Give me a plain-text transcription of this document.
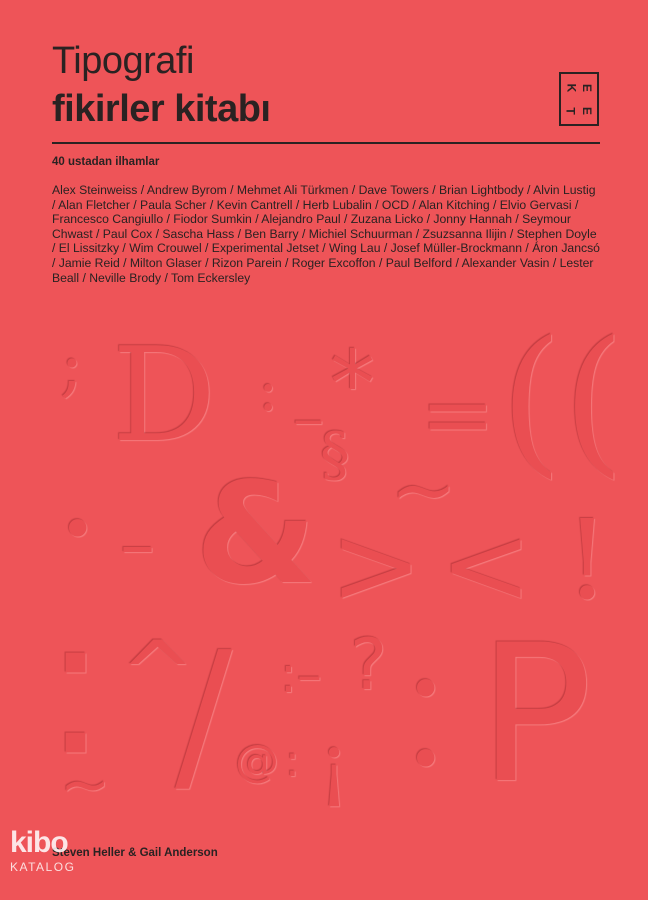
Tipografi
fikirler kitabı
K E
T E
40 ustadan ilhamlar
Alex Steinweiss / Andrew Byrom / Mehmet Ali Türkmen / Dave Towers / Brian Lightbody / Alvin Lustig / Alan Fletcher / Paula Scher / Kevin Cantrell / Herb Lubalin / OCD / Alan Kitching / Elvio Gervasi / Francesco Cangiullo / Fiodor Sumkin / Alejandro Paul / Zuzana Licko / Jonny Hannah / Seymour Chwast / Paul Cox / Sascha Hass / Ben Barry / Michiel Schuurman / Zsuzsanna Ilijin / Stephen Doyle / El Lissitzky / Wim Crouwel / Experimental Jetset / Wing Lau / Josef Müller-Brockmann / Áron Jancsó / Jamie Reid / Milton Glaser / Rizon Parein / Roger Excoffon / Paul Belford / Alexander Vasin / Lester Beall / Neville Brody / Tom Eckersley
; D : _ * = ((
§ ~
• – & > < !
▪ ^
/ :– ? • P
▪
~	@ : ¡ •
Steven Heller & Gail Anderson
kibo
KATALOG
